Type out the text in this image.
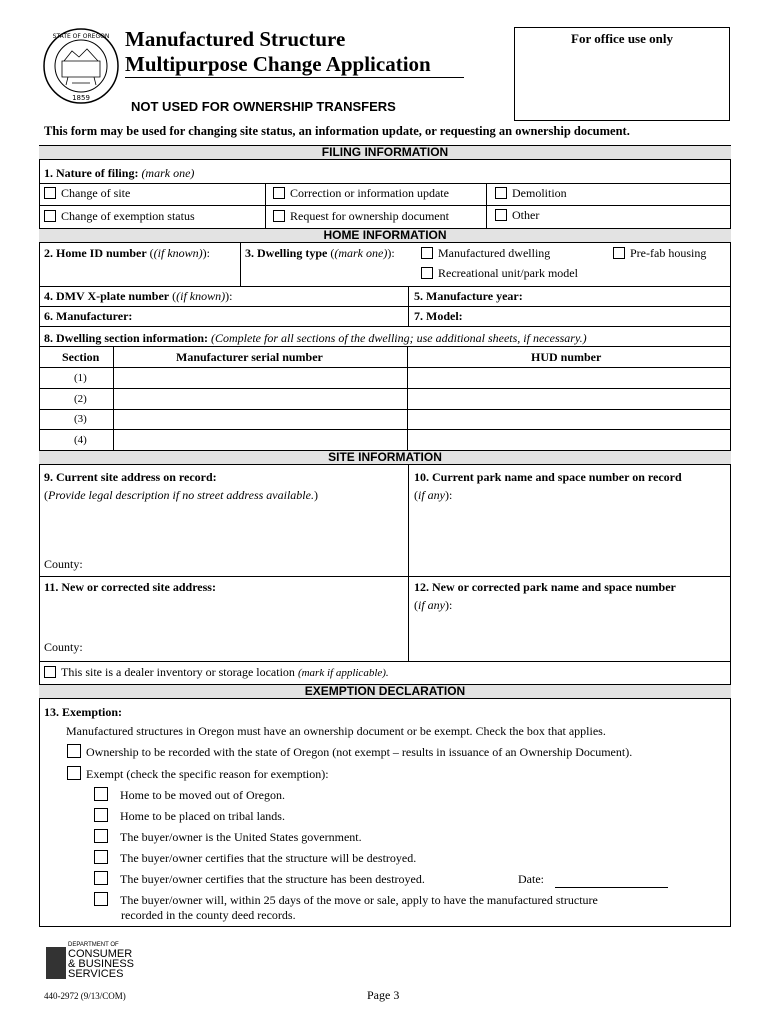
STATE OF OREGON
1859
Manufactured Structure
Multipurpose Change Application
For office use only
NOT USED FOR OWNERSHIP TRANSFERS
This form may be used for changing site status, an information update, or requesting an ownership document.
FILING INFORMATION
1. Nature of filing: (mark one)
Change of site	Correction or information update	Demolition
Change of exemption status	Request for ownership document	Other
HOME INFORMATION
2. Home ID number ((if known)):	3. Dwelling type ((mark one)):	Manufactured dwelling	Pre-fab housing
Recreational unit/park model
4. DMV X-plate number ((if known)):	5. Manufacture year:
6. Manufacturer:	7. Model:
8. Dwelling section information: (Complete for all sections of the dwelling; use additional sheets, if necessary.)
Section	Manufacturer serial number	HUD number
(1)
(2)
(3)
(4)
SITE INFORMATION
9. Current site address on record:
(Provide legal description if no street address available.)
County:
10. Current park name and space number on record
(if any):
11. New or corrected site address:
County:
12. New or corrected park name and space number
(if any):
This site is a dealer inventory or storage location (mark if applicable).
EXEMPTION DECLARATION
13. Exemption:
Manufactured structures in Oregon must have an ownership document or be exempt. Check the box that applies.
Ownership to be recorded with the state of Oregon (not exempt – results in issuance of an Ownership Document).
Exempt (check the specific reason for exemption):
Home to be moved out of Oregon.
Home to be placed on tribal lands.
The buyer/owner is the United States government.
The buyer/owner certifies that the structure will be destroyed.
The buyer/owner certifies that the structure has been destroyed.	Date:
The buyer/owner will, within 25 days of the move or sale, apply to have the manufactured structure
recorded in the county deed records.
DEPARTMENT OF
CONSUMER
& BUSINESS
SERVICES
440-2972 (9/13/COM)	Page 3
